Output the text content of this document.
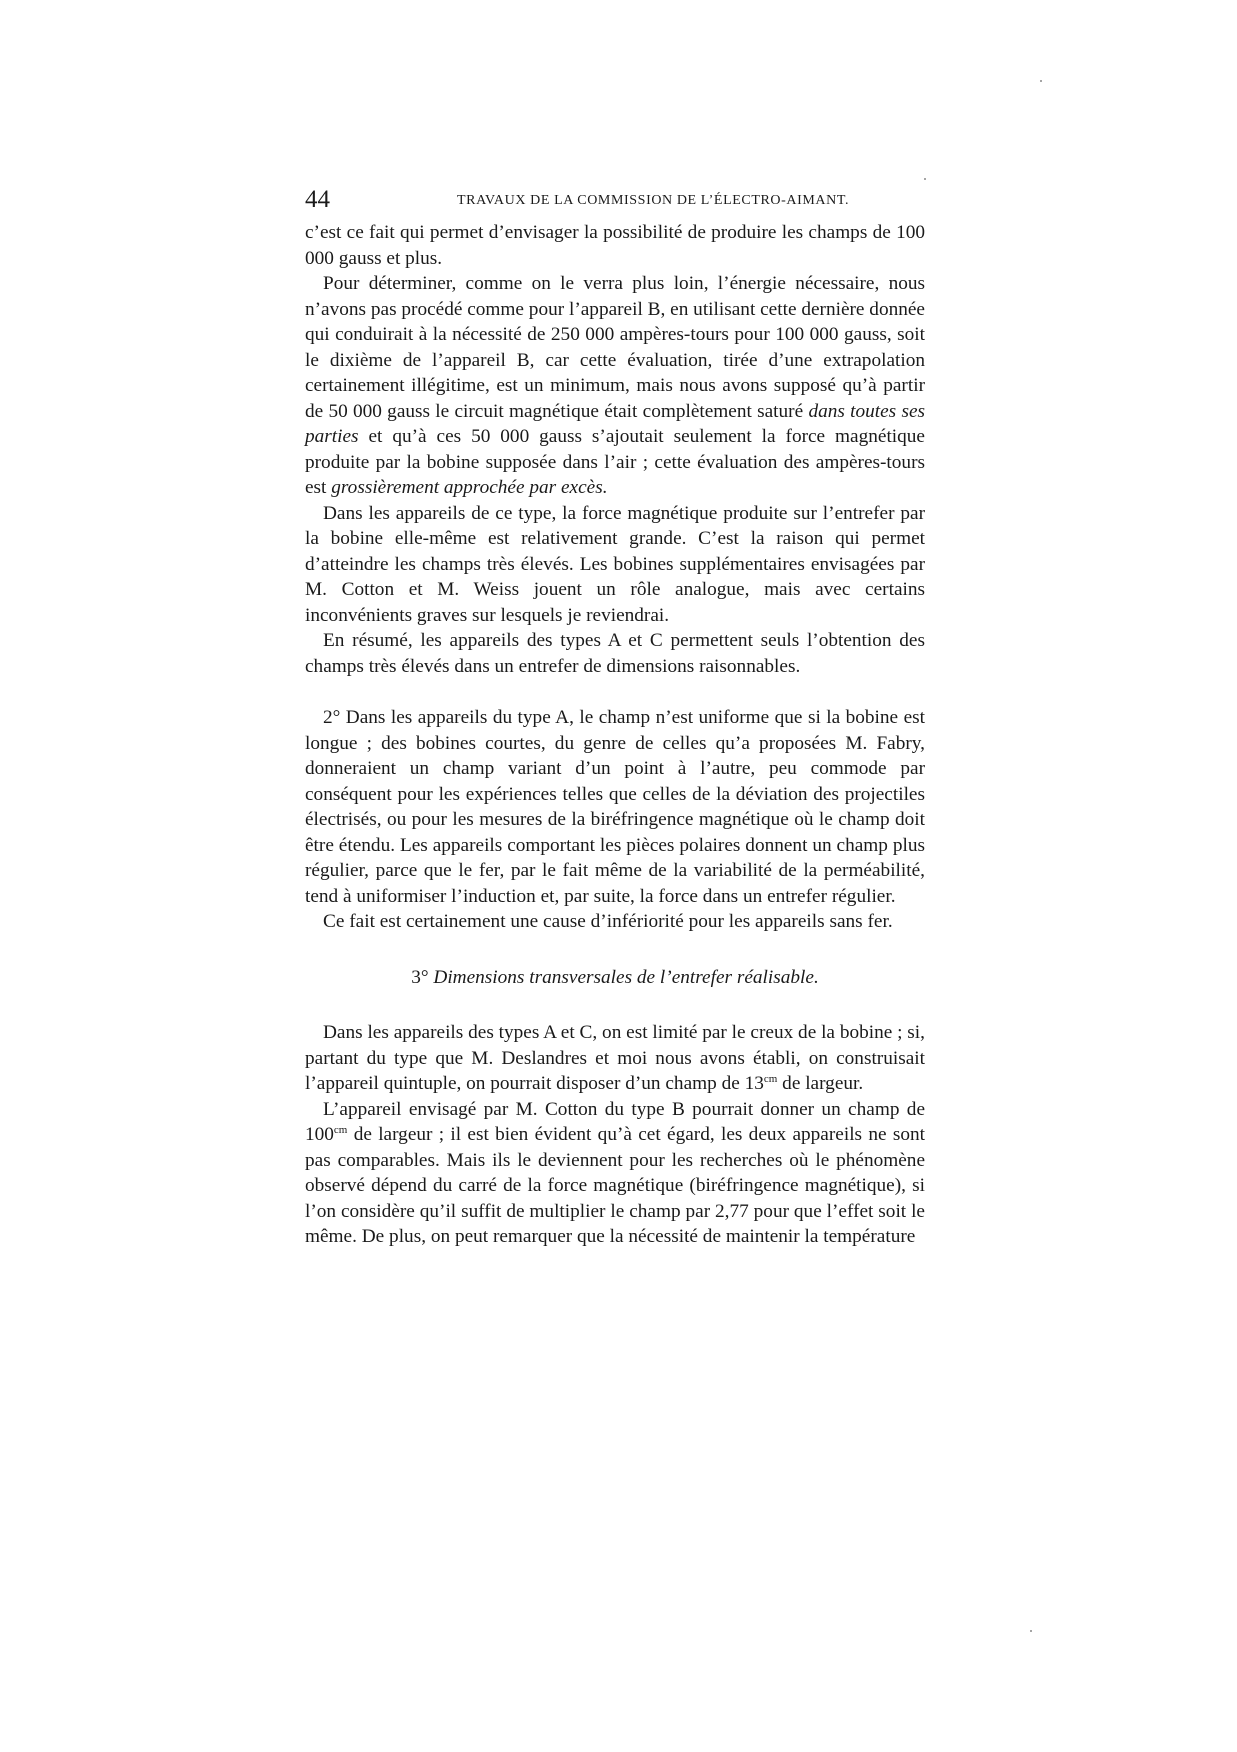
44	TRAVAUX DE LA COMMISSION DE L’ÉLECTRO-AIMANT.

c’est ce fait qui permet d’envisager la possibilité de produire les champs de 100 000 gauss et plus.

Pour déterminer, comme on le verra plus loin, l’énergie nécessaire, nous n’avons pas procédé comme pour l’appareil B, en utilisant cette dernière donnée qui conduirait à la nécessité de 250 000 ampères-tours pour 100 000 gauss, soit le dixième de l’appareil B, car cette évaluation, tirée d’une extrapolation certainement illégitime, est un minimum, mais nous avons supposé qu’à partir de 50 000 gauss le circuit magnétique était complètement saturé dans toutes ses parties et qu’à ces 50 000 gauss s’ajoutait seulement la force magnétique produite par la bobine supposée dans l’air ; cette évaluation des ampères-tours est grossièrement approchée par excès.

Dans les appareils de ce type, la force magnétique produite sur l’entrefer par la bobine elle-même est relativement grande. C’est la raison qui permet d’atteindre les champs très élevés. Les bobines supplémentaires envisagées par M. Cotton et M. Weiss jouent un rôle analogue, mais avec certains inconvénients graves sur lesquels je reviendrai.

En résumé, les appareils des types A et C permettent seuls l’obtention des champs très élevés dans un entrefer de dimensions raisonnables.

2° Dans les appareils du type A, le champ n’est uniforme que si la bobine est longue ; des bobines courtes, du genre de celles qu’a proposées M. Fabry, donneraient un champ variant d’un point à l’autre, peu commode par conséquent pour les expériences telles que celles de la déviation des projectiles électrisés, ou pour les mesures de la biréfringence magnétique où le champ doit être étendu. Les appareils comportant les pièces polaires donnent un champ plus régulier, parce que le fer, par le fait même de la variabilité de la perméabilité, tend à uniformiser l’induction et, par suite, la force dans un entrefer régulier.

Ce fait est certainement une cause d’infériorité pour les appareils sans fer.

3° Dimensions transversales de l’entrefer réalisable.

Dans les appareils des types A et C, on est limité par le creux de la bobine ; si, partant du type que M. Deslandres et moi nous avons établi, on construisait l’appareil quintuple, on pourrait disposer d’un champ de $13^{cm}$ de largeur.

L’appareil envisagé par M. Cotton du type B pourrait donner un champ de $100^{cm}$ de largeur ; il est bien évident qu’à cet égard, les deux appareils ne sont pas comparables. Mais ils le deviennent pour les recherches où le phénomène observé dépend du carré de la force magnétique (biréfringence magnétique), si l’on considère qu’il suffit de multiplier le champ par 2,77 pour que l’effet soit le même. De plus, on peut remarquer que la nécessité de maintenir la température
